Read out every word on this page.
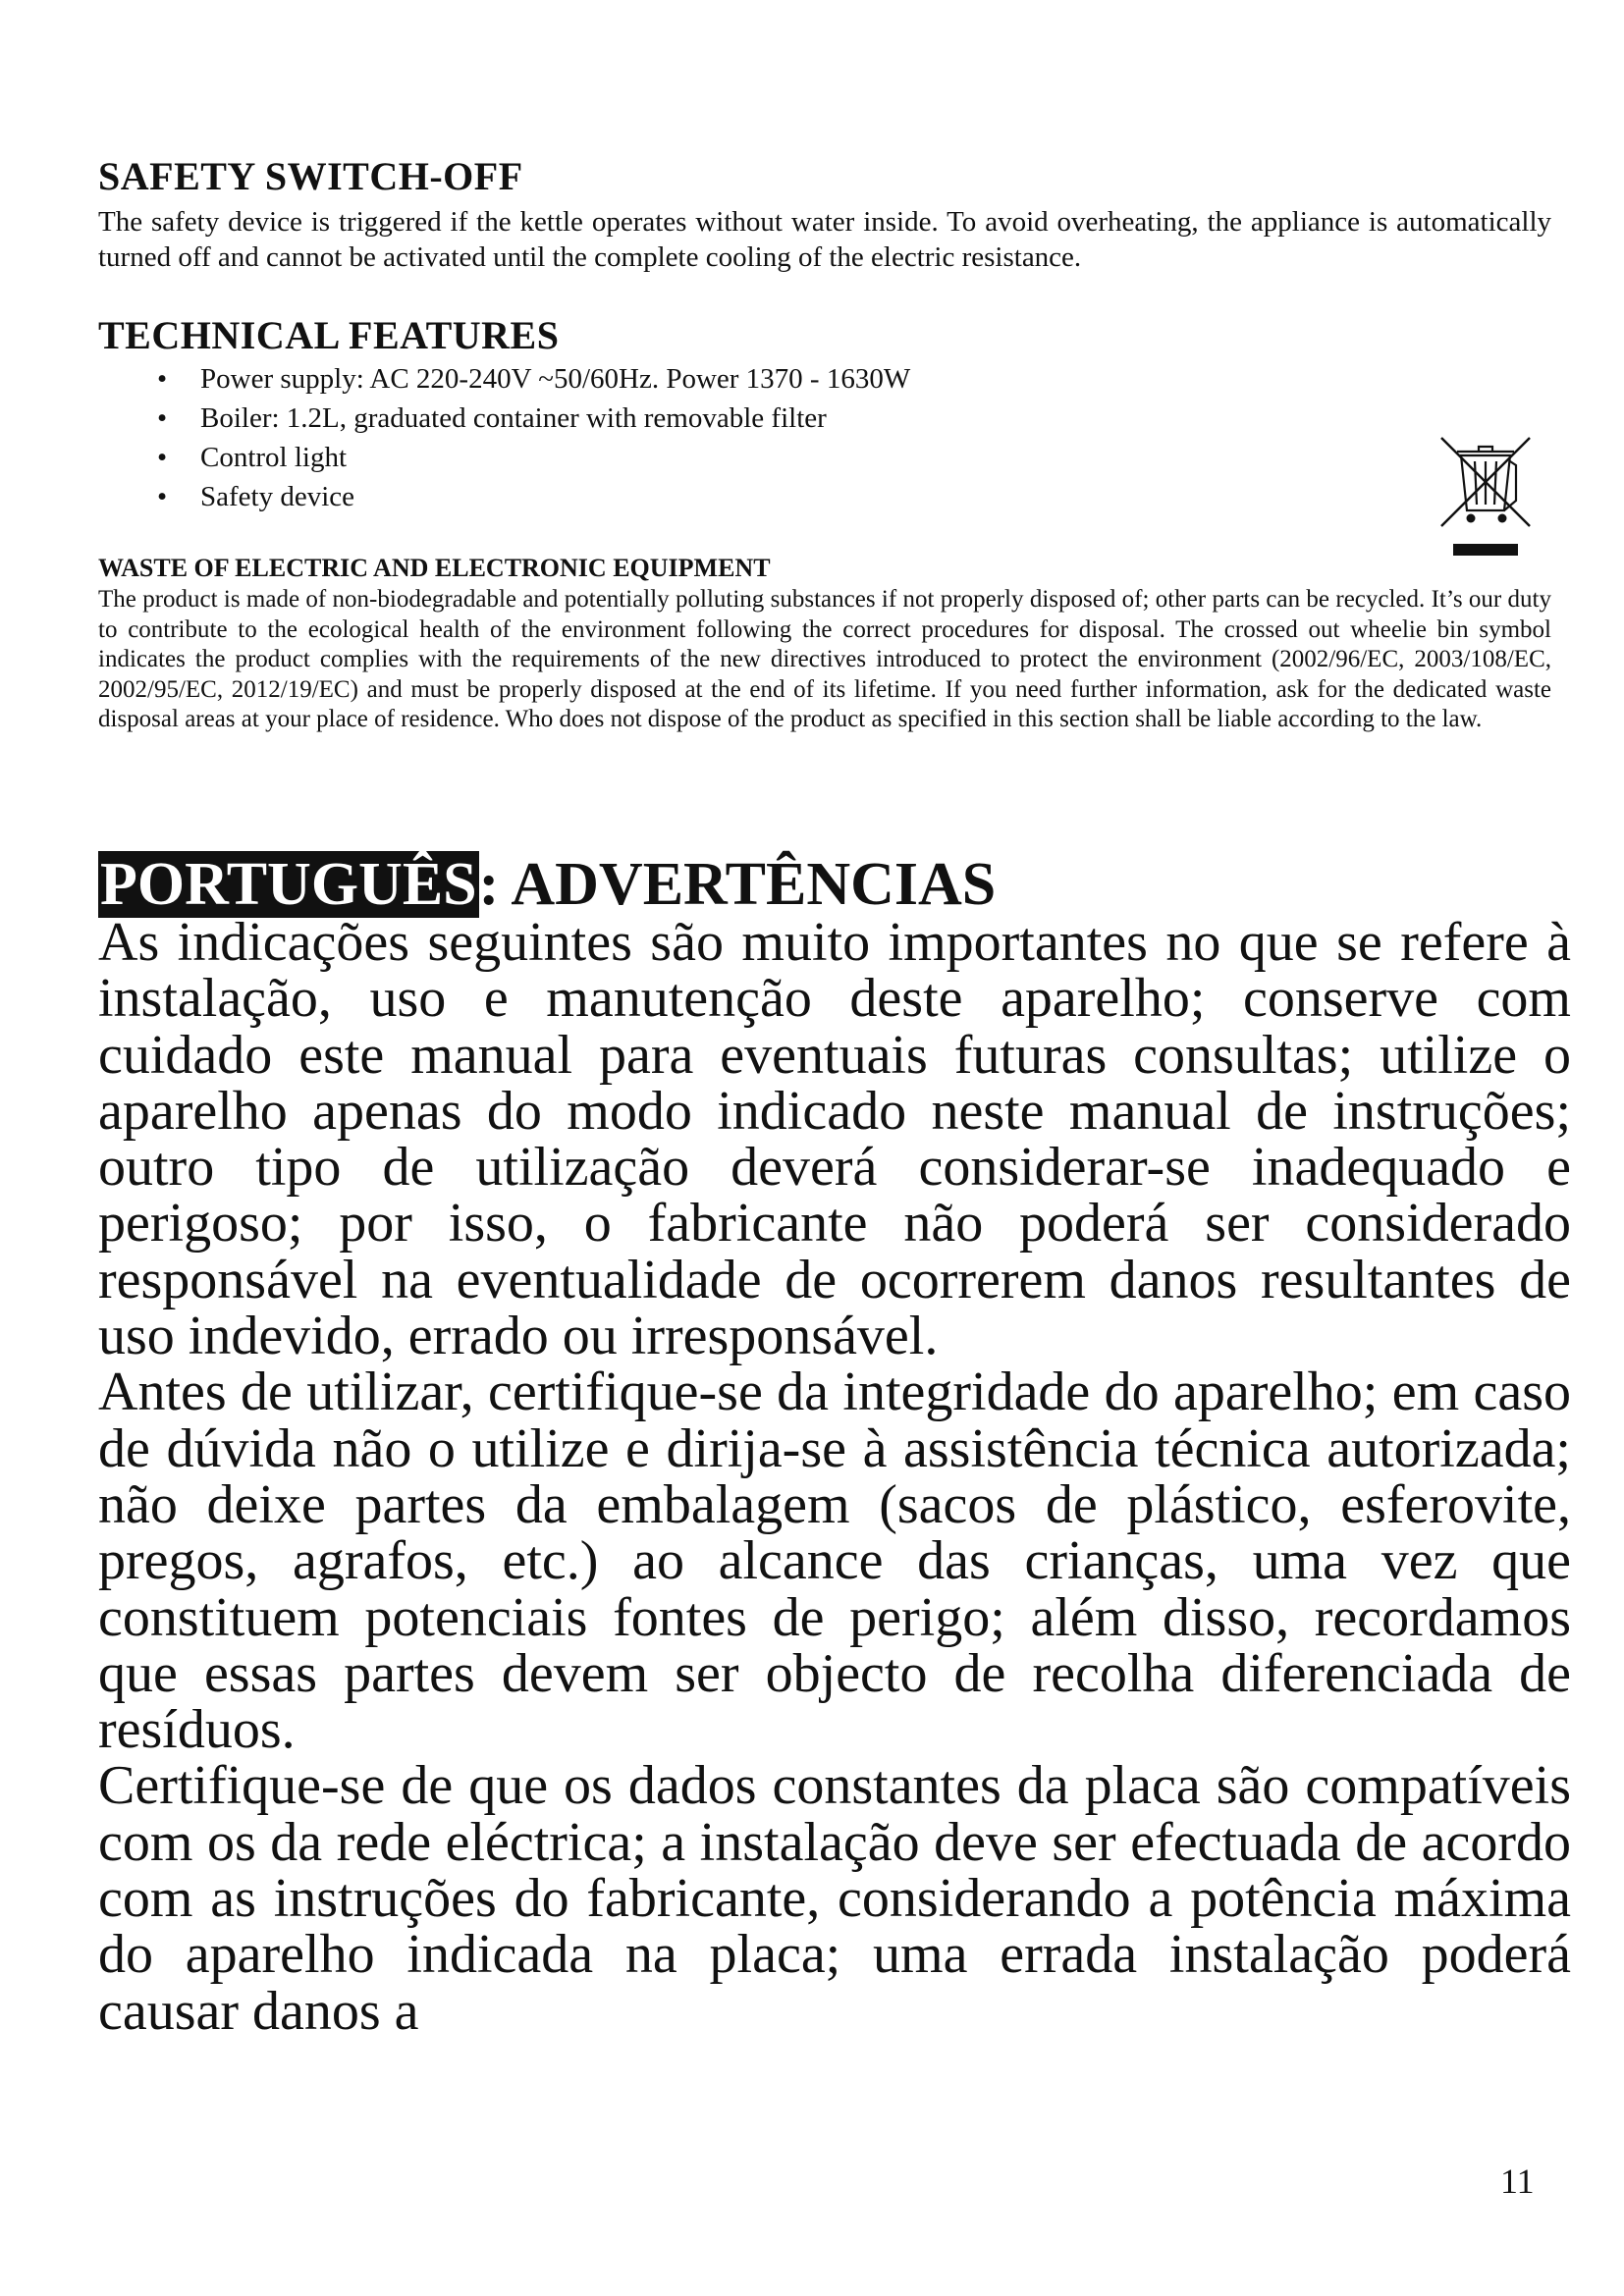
SAFETY SWITCH-OFF

The safety device is triggered if the kettle operates without water inside. To avoid overheating, the appliance is automatically turned off and cannot be activated until the complete cooling of the electric resistance.

TECHNICAL FEATURES
• Power supply: AC 220-240V ~50/60Hz. Power 1370 - 1630W
• Boiler: 1.2L, graduated container with removable filter
• Control light
• Safety device
WASTE OF ELECTRIC AND ELECTRONIC EQUIPMENT

The product is made of non-biodegradable and potentially polluting substances if not properly disposed of; other parts can be recycled. It’s our duty to contribute to the ecological health of the environment following the correct procedures for disposal. The crossed out wheelie bin symbol indicates the product complies with the requirements of the new directives introduced to protect the environment (2002/96/EC, 2003/108/EC, 2002/95/EC, 2012/19/EC) and must be properly disposed at the end of its lifetime. If you need further information, ask for the dedicated waste disposal areas at your place of residence. Who does not dispose of the product as specified in this section shall be liable according to the law.

PORTUGUÊS: ADVERTÊNCIAS

As indicações seguintes são muito importantes no que se refere à instalação, uso e manutenção deste aparelho; conserve com cuidado este manual para eventuais futuras consultas; utilize o aparelho apenas do modo indicado neste manual de instruções; outro tipo de utilização deverá considerar-se inadequado e perigoso; por isso, o fabricante não poderá ser considerado responsável na eventualidade de ocorrerem danos resultantes de uso indevido, errado ou irresponsável.

Antes de utilizar, certifique-se da integridade do aparelho; em caso de dúvida não o utilize e dirija-se à assistência técnica autorizada; não deixe partes da embalagem (sacos de plástico, esferovite, pregos, agrafos, etc.) ao alcance das crianças, uma vez que constituem potenciais fontes de perigo; além disso, recordamos que essas partes devem ser objecto de recolha diferenciada de resíduos.

Certifique-se de que os dados constantes da placa são compatíveis com os da rede eléctrica; a instalação deve ser efectuada de acordo com as instruções do fabricante, considerando a potência máxima do aparelho indicada na placa; uma errada instalação poderá causar danos a

11
